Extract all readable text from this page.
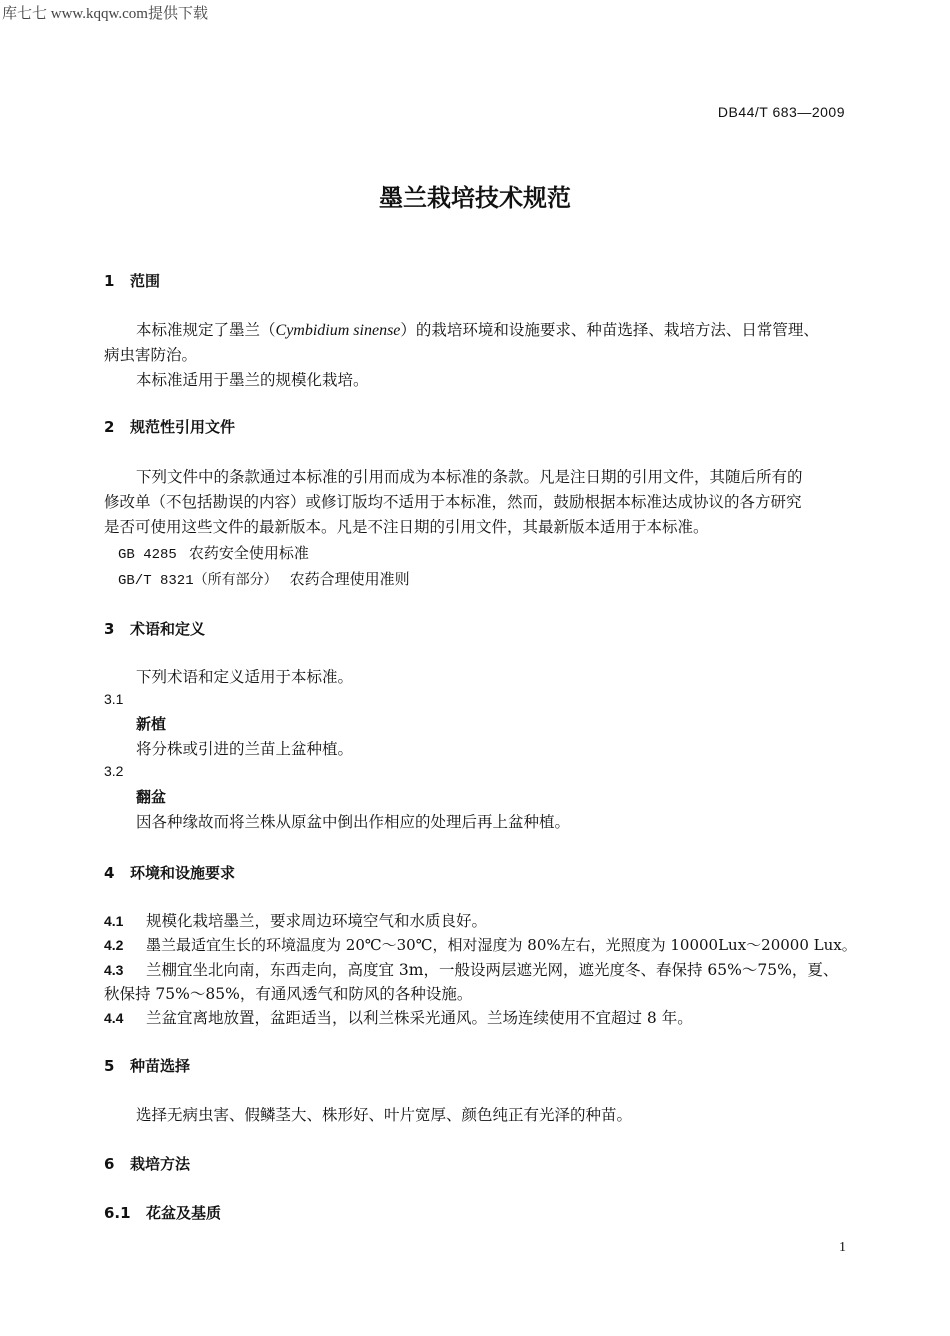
库七七 www.kqqw.com提供下载
DB44/T 683—2009
墨兰栽培技术规范
1 范围
本标准规定了墨兰（Cymbidium sinense）的栽培环境和设施要求、种苗选择、栽培方法、日常管理、
病虫害防治。
本标准适用于墨兰的规模化栽培。
2 规范性引用文件
下列文件中的条款通过本标准的引用而成为本标准的条款。凡是注日期的引用文件，其随后所有的
修改单（不包括勘误的内容）或修订版均不适用于本标准，然而，鼓励根据本标准达成协议的各方研究
是否可使用这些文件的最新版本。凡是不注日期的引用文件，其最新版本适用于本标准。
GB 4285 农药安全使用标准
GB/T 8321（所有部分） 农药合理使用准则
3 术语和定义
下列术语和定义适用于本标准。
3.1
新植
将分株或引进的兰苗上盆种植。
3.2
翻盆
因各种缘故而将兰株从原盆中倒出作相应的处理后再上盆种植。
4 环境和设施要求
4.1 规模化栽培墨兰，要求周边环境空气和水质良好。
4.2 墨兰最适宜生长的环境温度为 20℃～30℃，相对湿度为 80%左右，光照度为 10000Lux～20000 Lux。
4.3 兰棚宜坐北向南，东西走向，高度宜 3m，一般设两层遮光网，遮光度冬、春保持 65%～75%，夏、
秋保持 75%～85%，有通风透气和防风的各种设施。
4.4 兰盆宜离地放置，盆距适当，以利兰株采光通风。兰场连续使用不宜超过 8 年。
5 种苗选择
选择无病虫害、假鳞茎大、株形好、叶片宽厚、颜色纯正有光泽的种苗。
6 栽培方法
6.1 花盆及基质
1
